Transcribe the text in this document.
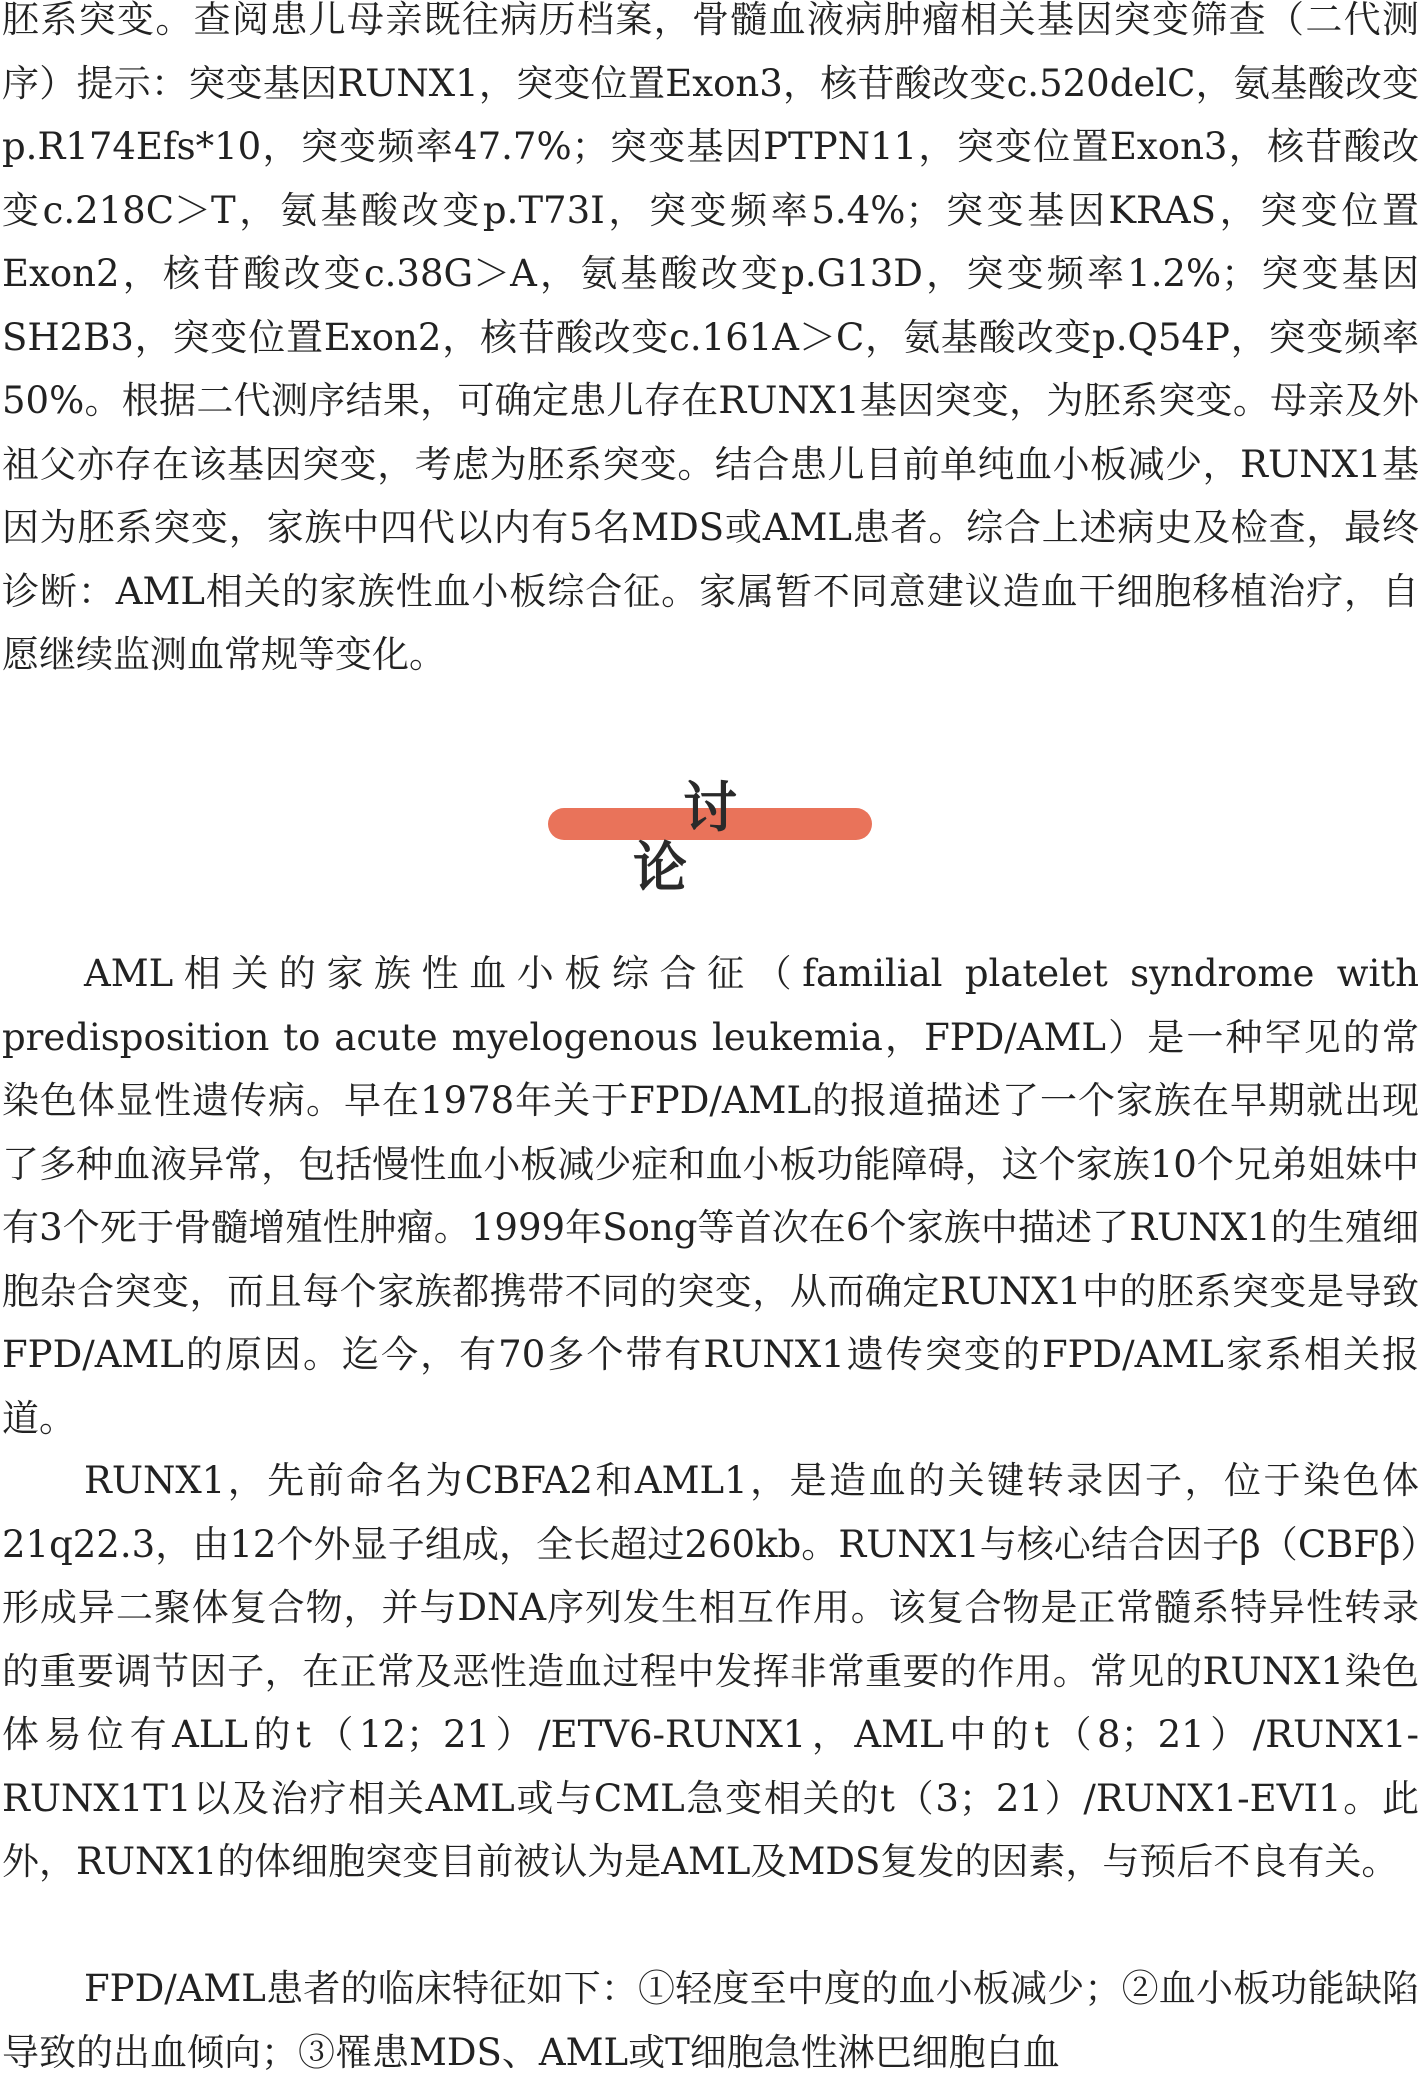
胚系突变。查阅患儿母亲既往病历档案，骨髓血液病肿瘤相关基因突变筛查（二代测序）提示：突变基因RUNX1，突变位置Exon3，核苷酸改变c.520delC，氨基酸改变p.R174Efs*10，突变频率47.7%；突变基因PTPN11，突变位置Exon3，核苷酸改变c.218C＞T，氨基酸改变p.T73I，突变频率5.4%；突变基因KRAS，突变位置Exon2，核苷酸改变c.38G＞A，氨基酸改变p.G13D，突变频率1.2%；突变基因SH2B3，突变位置Exon2，核苷酸改变c.161A＞C，氨基酸改变p.Q54P，突变频率50%。根据二代测序结果，可确定患儿存在RUNX1基因突变，为胚系突变。母亲及外祖父亦存在该基因突变，考虑为胚系突变。结合患儿目前单纯血小板减少，RUNX1基因为胚系突变，家族中四代以内有5名MDS或AML患者。综合上述病史及检查，最终诊断：AML相关的家族性血小板综合征。家属暂不同意建议造血干细胞移植治疗，自愿继续监测血常规等变化。

讨 论

AML相关的家族性血小板综合征（familial platelet syndrome with predisposition to acute myelogenous leukemia，FPD/AML）是一种罕见的常染色体显性遗传病。早在1978年关于FPD/AML的报道描述了一个家族在早期就出现了多种血液异常，包括慢性血小板减少症和血小板功能障碍，这个家族10个兄弟姐妹中有3个死于骨髓增殖性肿瘤。1999年Song等首次在6个家族中描述了RUNX1的生殖细胞杂合突变，而且每个家族都携带不同的突变，从而确定RUNX1中的胚系突变是导致FPD/AML的原因。迄今，有70多个带有RUNX1遗传突变的FPD/AML家系相关报道。

RUNX1，先前命名为CBFA2和AML1，是造血的关键转录因子，位于染色体21q22.3，由12个外显子组成，全长超过260kb。RUNX1与核心结合因子β（CBFβ）形成异二聚体复合物，并与DNA序列发生相互作用。该复合物是正常髓系特异性转录的重要调节因子，在正常及恶性造血过程中发挥非常重要的作用。常见的RUNX1染色体易位有ALL的t（12；21）/ETV6-RUNX1，AML中的t（8；21）/RUNX1-RUNX1T1以及治疗相关AML或与CML急变相关的t（3；21）/RUNX1-EVI1。此外，RUNX1的体细胞突变目前被认为是AML及MDS复发的因素，与预后不良有关。

FPD/AML患者的临床特征如下：①轻度至中度的血小板减少；②血小板功能缺陷导致的出血倾向；③罹患MDS、AML或T细胞急性淋巴细胞白血
